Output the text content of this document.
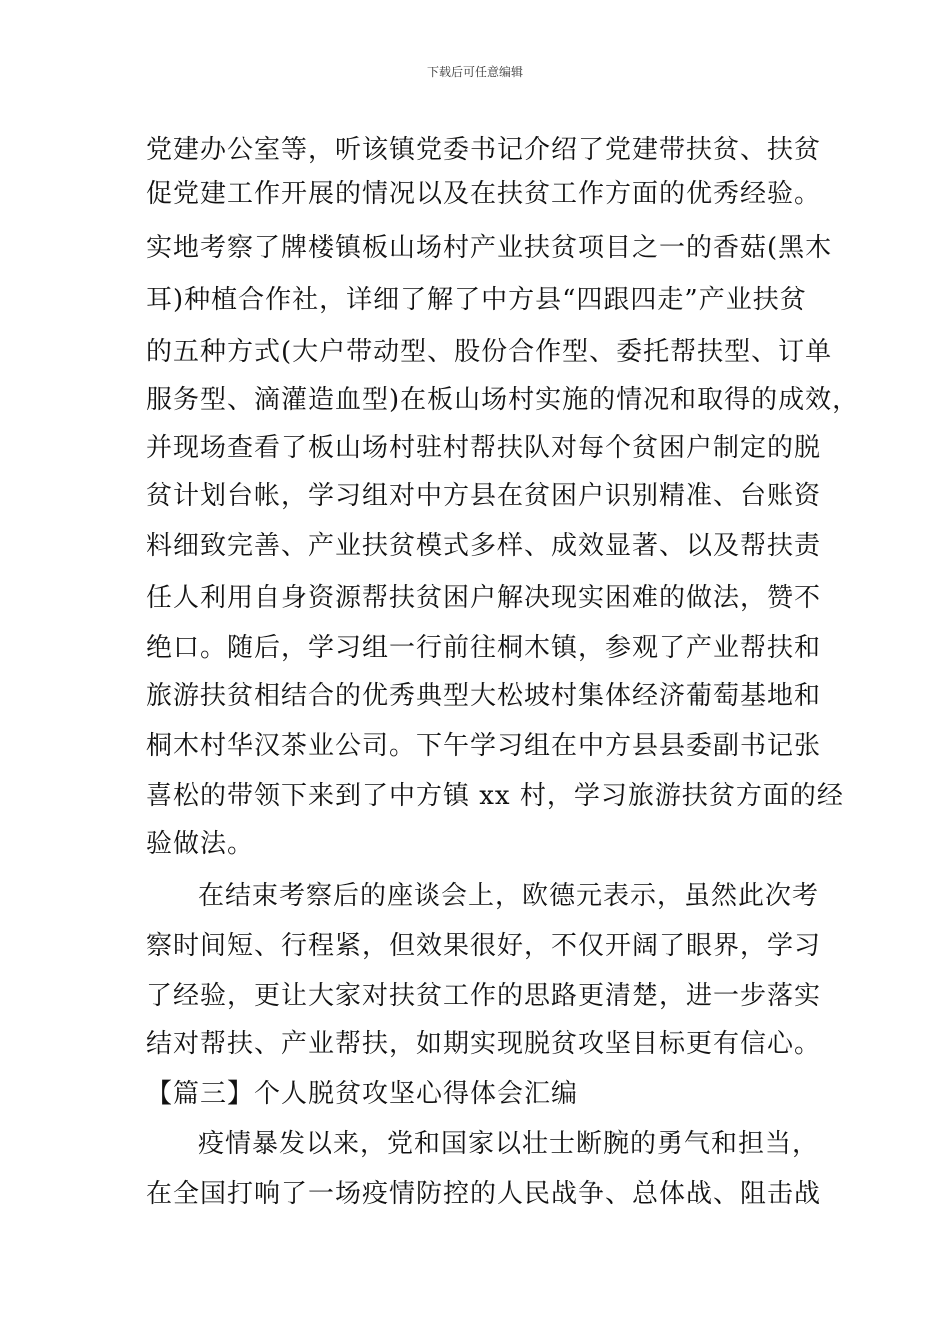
下载后可任意编辑
党建办公室等，听该镇党委书记介绍了党建带扶贫、扶贫
促党建工作开展的情况以及在扶贫工作方面的优秀经验。
实地考察了牌楼镇板山场村产业扶贫项目之一的香菇(黑木
耳)种植合作社，详细了解了中方县“四跟四走”产业扶贫
的五种方式(大户带动型、股份合作型、委托帮扶型、订单
服务型、滴灌造血型)在板山场村实施的情况和取得的成效，
并现场查看了板山场村驻村帮扶队对每个贫困户制定的脱
贫计划台帐，学习组对中方县在贫困户识别精准、台账资
料细致完善、产业扶贫模式多样、成效显著、以及帮扶责
任人利用自身资源帮扶贫困户解决现实困难的做法，赞不
绝口。随后，学习组一行前往桐木镇，参观了产业帮扶和
旅游扶贫相结合的优秀典型大松坡村集体经济葡萄基地和
桐木村华汉茶业公司。下午学习组在中方县县委副书记张
喜松的带领下来到了中方镇 xx 村，学习旅游扶贫方面的经
验做法。
在结束考察后的座谈会上，欧德元表示，虽然此次考
察时间短、行程紧，但效果很好，不仅开阔了眼界，学习
了经验，更让大家对扶贫工作的思路更清楚，进一步落实
结对帮扶、产业帮扶，如期实现脱贫攻坚目标更有信心。
【篇三】个人脱贫攻坚心得体会汇编
疫情暴发以来，党和国家以壮士断腕的勇气和担当，
在全国打响了一场疫情防控的人民战争、总体战、阻击战
